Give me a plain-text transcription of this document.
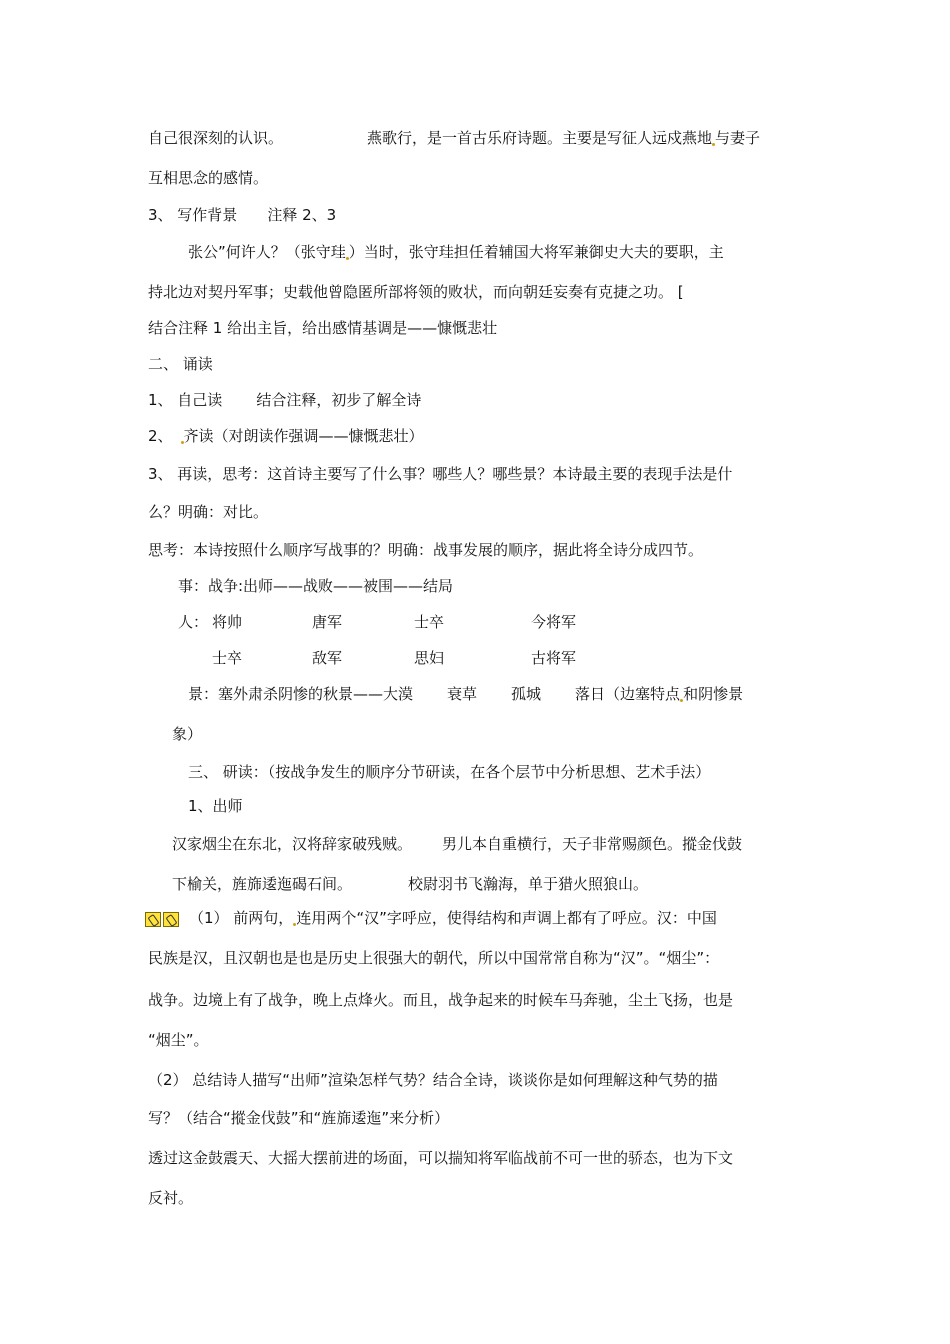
自己很深刻的认识。	燕歌行，是一首古乐府诗题。主要是写征人远戍燕地 与妻子
互相思念的感情。
3、 写作背景 注释 2、3
张公”何许人？（张守珪 ）当时，张守珪担任着辅国大将军兼御史大夫的要职，主
持北边对契丹军事；史载他曾隐匿所部将领的败状，而向朝廷妄奏有克捷之功。 [
结合注释 1 给出主旨，给出感情基调是——慷慨悲壮
二、 诵读
1、 自己读 结合注释，初步了解全诗
2、 齐读（对朗读作强调——慷慨悲壮）
3、 再读，思考：这首诗主要写了什么事？哪些人？哪些景？本诗最主要的表现手法是什
么？明确：对比。
思考：本诗按照什么顺序写战事的？明确：战事发展的顺序，据此将全诗分成四节。
事：战争:出师——战败——被围——结局
人： 将帅	唐军	士卒	今将军
士卒	敌军	思妇	古将军
景：塞外肃杀阴惨的秋景——大漠 衰草 孤城 落日（边塞特点 和阴惨景
象）
三、 研读：（按战争发生的顺序分节研读，在各个层节中分析思想、艺术手法）
1、出师
汉家烟尘在东北，汉将辞家破残贼。 男儿本自重横行，天子非常赐颜色。摐金伐鼓
下榆关，旌旆逶迤碣石间。	校尉羽书飞瀚海，单于猎火照狼山。
（1） 前两句， 连用两个“汉”字呼应，使得结构和声调上都有了呼应。汉：中国
民族是汉，且汉朝也是也是历史上很强大的朝代，所以中国常常自称为“汉”。“烟尘”：
战争。边境上有了战争，晚上点烽火。而且，战争起来的时候车马奔驰，尘土飞扬，也是
“烟尘”。
（2） 总结诗人描写“出师”渲染怎样气势？结合全诗，谈谈你是如何理解这种气势的描
写？（结合“摐金伐鼓”和“旌旆逶迤”来分析）
透过这金鼓震天、大摇大摆前进的场面，可以揣知将军临战前不可一世的骄态，也为下文
反衬。
